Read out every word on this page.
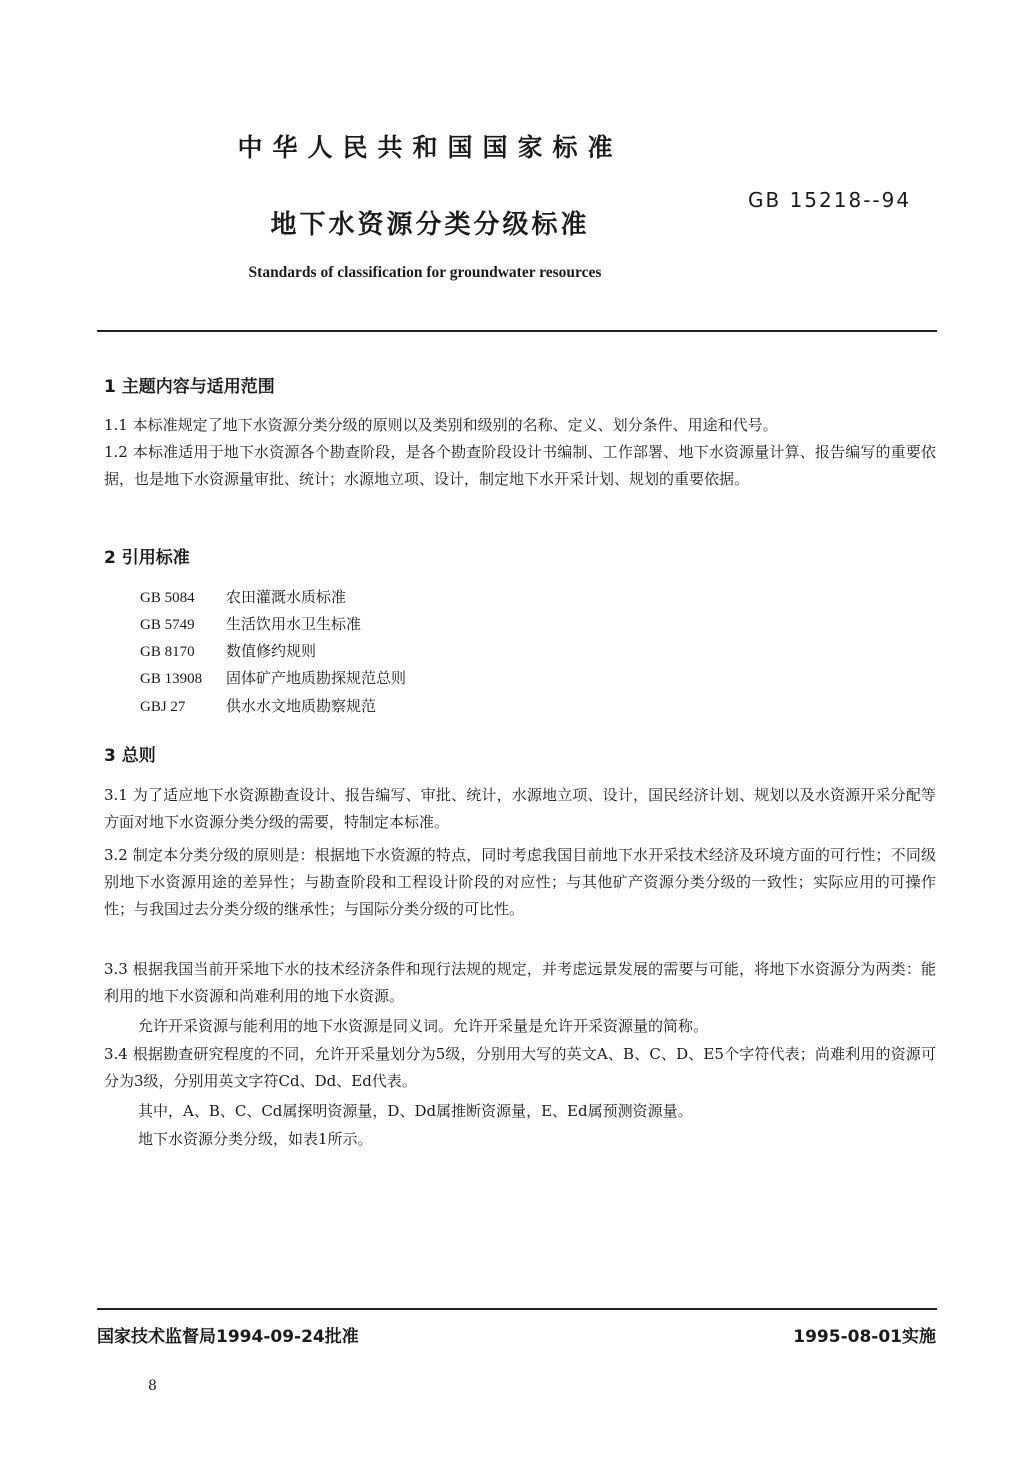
中华人民共和国国家标准
GB 15218--94
地下水资源分类分级标准
Standards of classification for groundwater resources
1 主题内容与适用范围
1.1 本标准规定了地下水资源分类分级的原则以及类别和级别的名称、定义、划分条件、用途和代号。
1.2 本标准适用于地下水资源各个勘查阶段，是各个勘查阶段设计书编制、工作部署、地下水资源量计算、报告编写的重要依据，也是地下水资源量审批、统计；水源地立项、设计，制定地下水开采计划、规划的重要依据。
2 引用标准
GB 5084 农田灌溉水质标准
GB 5749 生活饮用水卫生标准
GB 8170 数值修约规则
GB 13908 固体矿产地质勘探规范总则
GBJ 27	供水水文地质勘察规范
3 总则
3.1 为了适应地下水资源勘查设计、报告编写、审批、统计，水源地立项、设计，国民经济计划、规划以及水资源开采分配等方面对地下水资源分类分级的需要，特制定本标准。
3.2 制定本分类分级的原则是：根据地下水资源的特点，同时考虑我国目前地下水开采技术经济及环境方面的可行性；不同级别地下水资源用途的差异性；与勘查阶段和工程设计阶段的对应性；与其他矿产资源分类分级的一致性；实际应用的可操作性；与我国过去分类分级的继承性；与国际分类分级的可比性。
3.3 根据我国当前开采地下水的技术经济条件和现行法规的规定，并考虑远景发展的需要与可能，将地下水资源分为两类：能利用的地下水资源和尚难利用的地下水资源。
允许开采资源与能利用的地下水资源是同义词。允许开采量是允许开采资源量的简称。
3.4 根据勘查研究程度的不同，允许开采量划分为5级，分别用大写的英文A、B、C、D、E5个字符代表；尚难利用的资源可分为3级，分别用英文字符Cd、Dd、Ed代表。
其中，A、B、C、Cd属探明资源量，D、Dd属推断资源量，E、Ed属预测资源量。
地下水资源分类分级，如表1所示。
国家技术监督局1994-09-24批准	1995-08-01实施
8
